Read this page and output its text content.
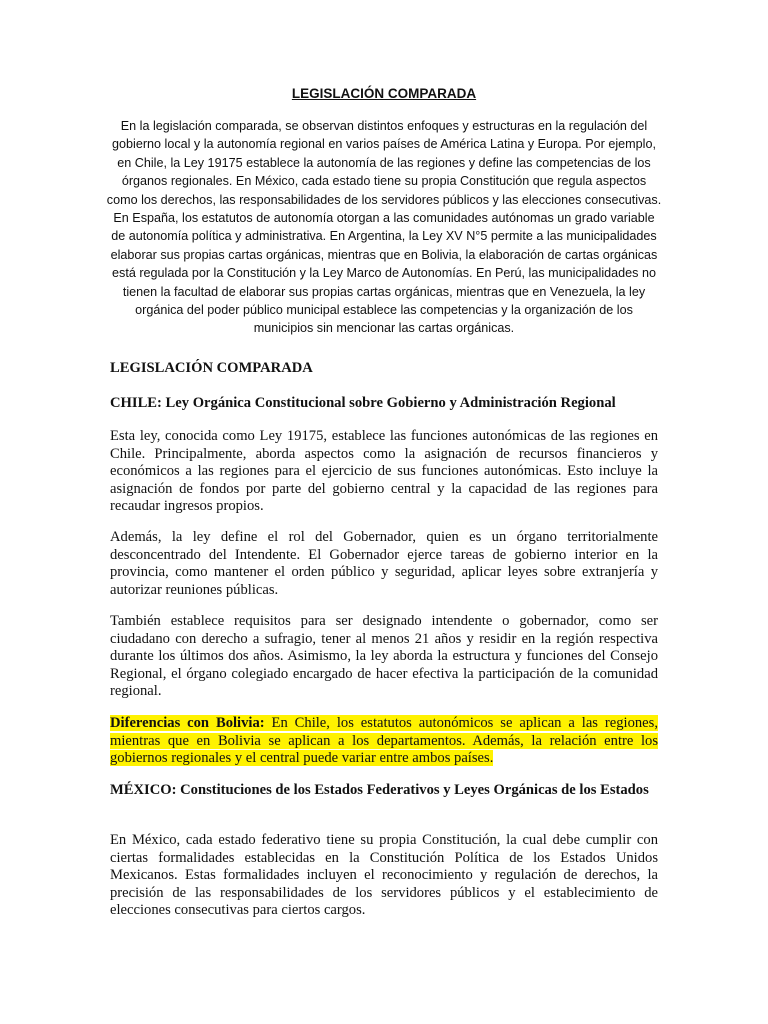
LEGISLACIÓN COMPARADA

En la legislación comparada, se observan distintos enfoques y estructuras en la regulación del gobierno local y la autonomía regional en varios países de América Latina y Europa. Por ejemplo, en Chile, la Ley 19175 establece la autonomía de las regiones y define las competencias de los órganos regionales. En México, cada estado tiene su propia Constitución que regula aspectos como los derechos, las responsabilidades de los servidores públicos y las elecciones consecutivas. En España, los estatutos de autonomía otorgan a las comunidades autónomas un grado variable de autonomía política y administrativa. En Argentina, la Ley XV N°5 permite a las municipalidades elaborar sus propias cartas orgánicas, mientras que en Bolivia, la elaboración de cartas orgánicas está regulada por la Constitución y la Ley Marco de Autonomías. En Perú, las municipalidades no tienen la facultad de elaborar sus propias cartas orgánicas, mientras que en Venezuela, la ley orgánica del poder público municipal establece las competencias y la organización de los municipios sin mencionar las cartas orgánicas.

LEGISLACIÓN COMPARADA

CHILE: Ley Orgánica Constitucional sobre Gobierno y Administración Regional

Esta ley, conocida como Ley 19175, establece las funciones autonómicas de las regiones en Chile. Principalmente, aborda aspectos como la asignación de recursos financieros y económicos a las regiones para el ejercicio de sus funciones autonómicas. Esto incluye la asignación de fondos por parte del gobierno central y la capacidad de las regiones para recaudar ingresos propios.

Además, la ley define el rol del Gobernador, quien es un órgano territorialmente desconcentrado del Intendente. El Gobernador ejerce tareas de gobierno interior en la provincia, como mantener el orden público y seguridad, aplicar leyes sobre extranjería y autorizar reuniones públicas.

También establece requisitos para ser designado intendente o gobernador, como ser ciudadano con derecho a sufragio, tener al menos 21 años y residir en la región respectiva durante los últimos dos años. Asimismo, la ley aborda la estructura y funciones del Consejo Regional, el órgano colegiado encargado de hacer efectiva la participación de la comunidad regional.

Diferencias con Bolivia: En Chile, los estatutos autonómicos se aplican a las regiones, mientras que en Bolivia se aplican a los departamentos. Además, la relación entre los gobiernos regionales y el central puede variar entre ambos países.

MÉXICO: Constituciones de los Estados Federativos y Leyes Orgánicas de los Estados

En México, cada estado federativo tiene su propia Constitución, la cual debe cumplir con ciertas formalidades establecidas en la Constitución Política de los Estados Unidos Mexicanos. Estas formalidades incluyen el reconocimiento y regulación de derechos, la precisión de las responsabilidades de los servidores públicos y el establecimiento de elecciones consecutivas para ciertos cargos.
